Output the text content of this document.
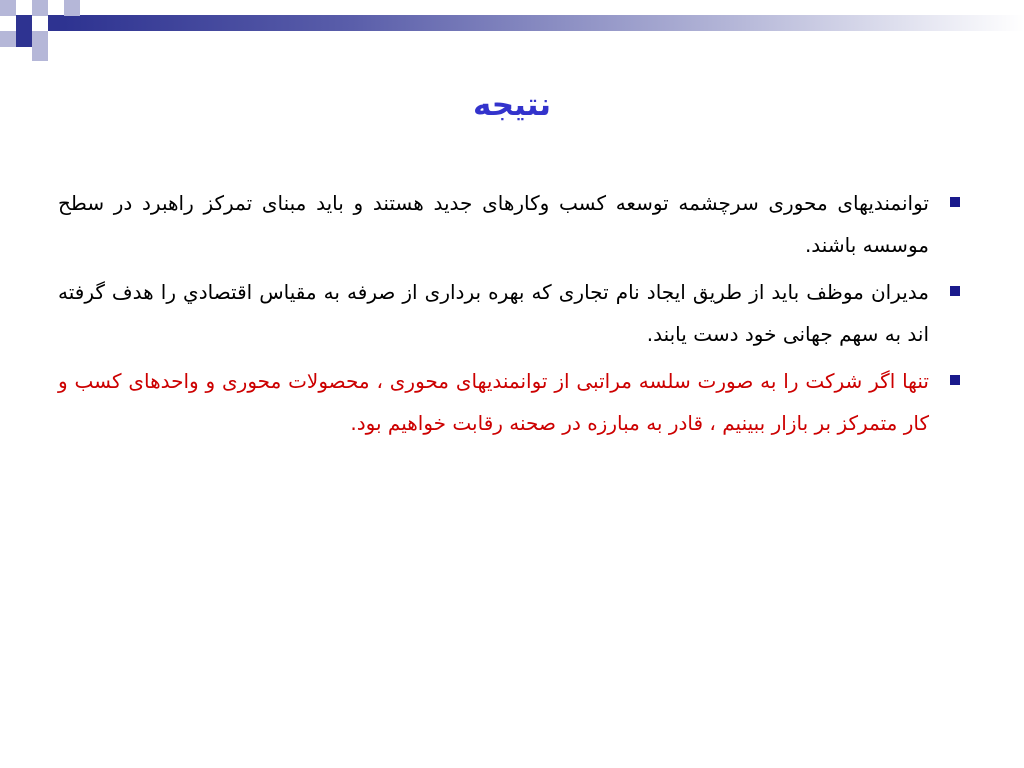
نتیجه
توانمندیهای محوری سرچشمه توسعه کسب وکارهای جدید هستند و باید مبنای تمرکز راهبرد در سطح موسسه باشند.
مدیران موظف باید از طریق ایجاد نام تجاری که بهره برداری از صرفه به مقیاس اقتصادي را هدف گرفته اند به سهم جهانی خود دست یابند.
تنها اگر شرکت را به صورت سلسه مراتبی از توانمندیهای محوری ، محصولات محوری و واحدهای کسب و کار متمرکز بر بازار ببینیم ، قادر به مبارزه در صحنه رقابت خواهیم بود.
